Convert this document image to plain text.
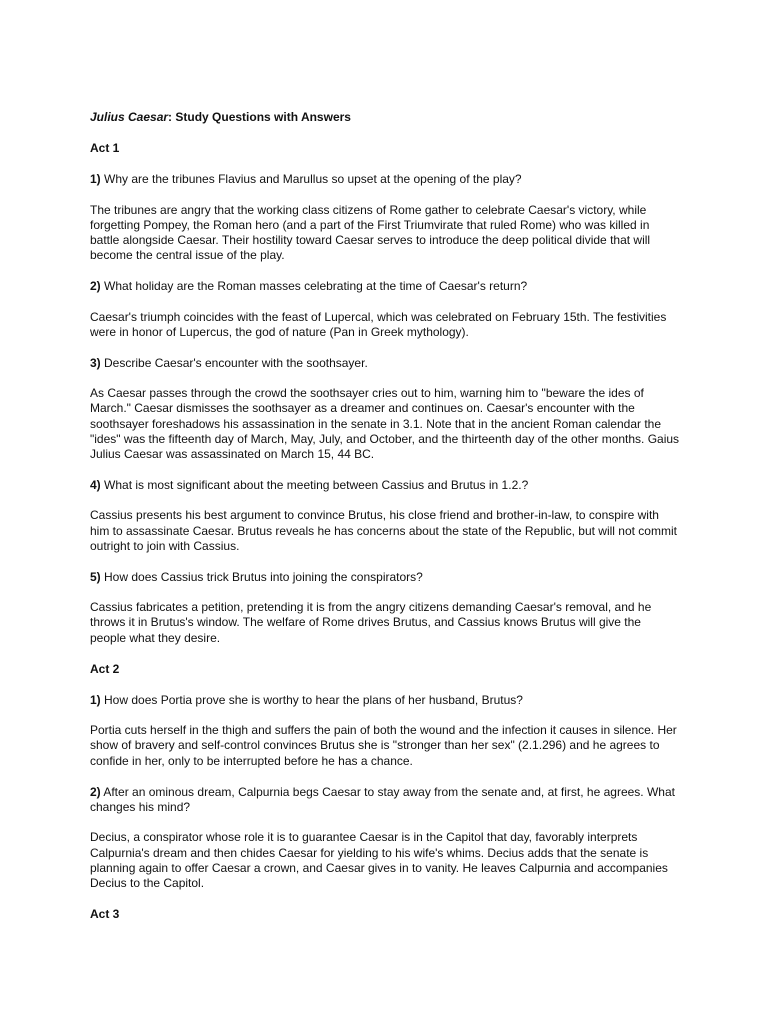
Julius Caesar: Study Questions with Answers
Act 1
1) Why are the tribunes Flavius and Marullus so upset at the opening of the play?
The tribunes are angry that the working class citizens of Rome gather to celebrate Caesar's victory, while forgetting Pompey, the Roman hero (and a part of the First Triumvirate that ruled Rome) who was killed in battle alongside Caesar. Their hostility toward Caesar serves to introduce the deep political divide that will become the central issue of the play.
2) What holiday are the Roman masses celebrating at the time of Caesar's return?
Caesar's triumph coincides with the feast of Lupercal, which was celebrated on February 15th. The festivities were in honor of Lupercus, the god of nature (Pan in Greek mythology).
3) Describe Caesar's encounter with the soothsayer.
As Caesar passes through the crowd the soothsayer cries out to him, warning him to "beware the ides of March." Caesar dismisses the soothsayer as a dreamer and continues on. Caesar's encounter with the soothsayer foreshadows his assassination in the senate in 3.1. Note that in the ancient Roman calendar the "ides" was the fifteenth day of March, May, July, and October, and the thirteenth day of the other months. Gaius Julius Caesar was assassinated on March 15, 44 BC.
4) What is most significant about the meeting between Cassius and Brutus in 1.2.?
Cassius presents his best argument to convince Brutus, his close friend and brother-in-law, to conspire with him to assassinate Caesar. Brutus reveals he has concerns about the state of the Republic, but will not commit outright to join with Cassius.
5) How does Cassius trick Brutus into joining the conspirators?
Cassius fabricates a petition, pretending it is from the angry citizens demanding Caesar's removal, and he throws it in Brutus's window. The welfare of Rome drives Brutus, and Cassius knows Brutus will give the people what they desire.
Act 2
1) How does Portia prove she is worthy to hear the plans of her husband, Brutus?
Portia cuts herself in the thigh and suffers the pain of both the wound and the infection it causes in silence. Her show of bravery and self-control convinces Brutus she is "stronger than her sex" (2.1.296) and he agrees to confide in her, only to be interrupted before he has a chance.
2) After an ominous dream, Calpurnia begs Caesar to stay away from the senate and, at first, he agrees. What changes his mind?
Decius, a conspirator whose role it is to guarantee Caesar is in the Capitol that day, favorably interprets Calpurnia's dream and then chides Caesar for yielding to his wife's whims. Decius adds that the senate is planning again to offer Caesar a crown, and Caesar gives in to vanity. He leaves Calpurnia and accompanies Decius to the Capitol.
Act 3
